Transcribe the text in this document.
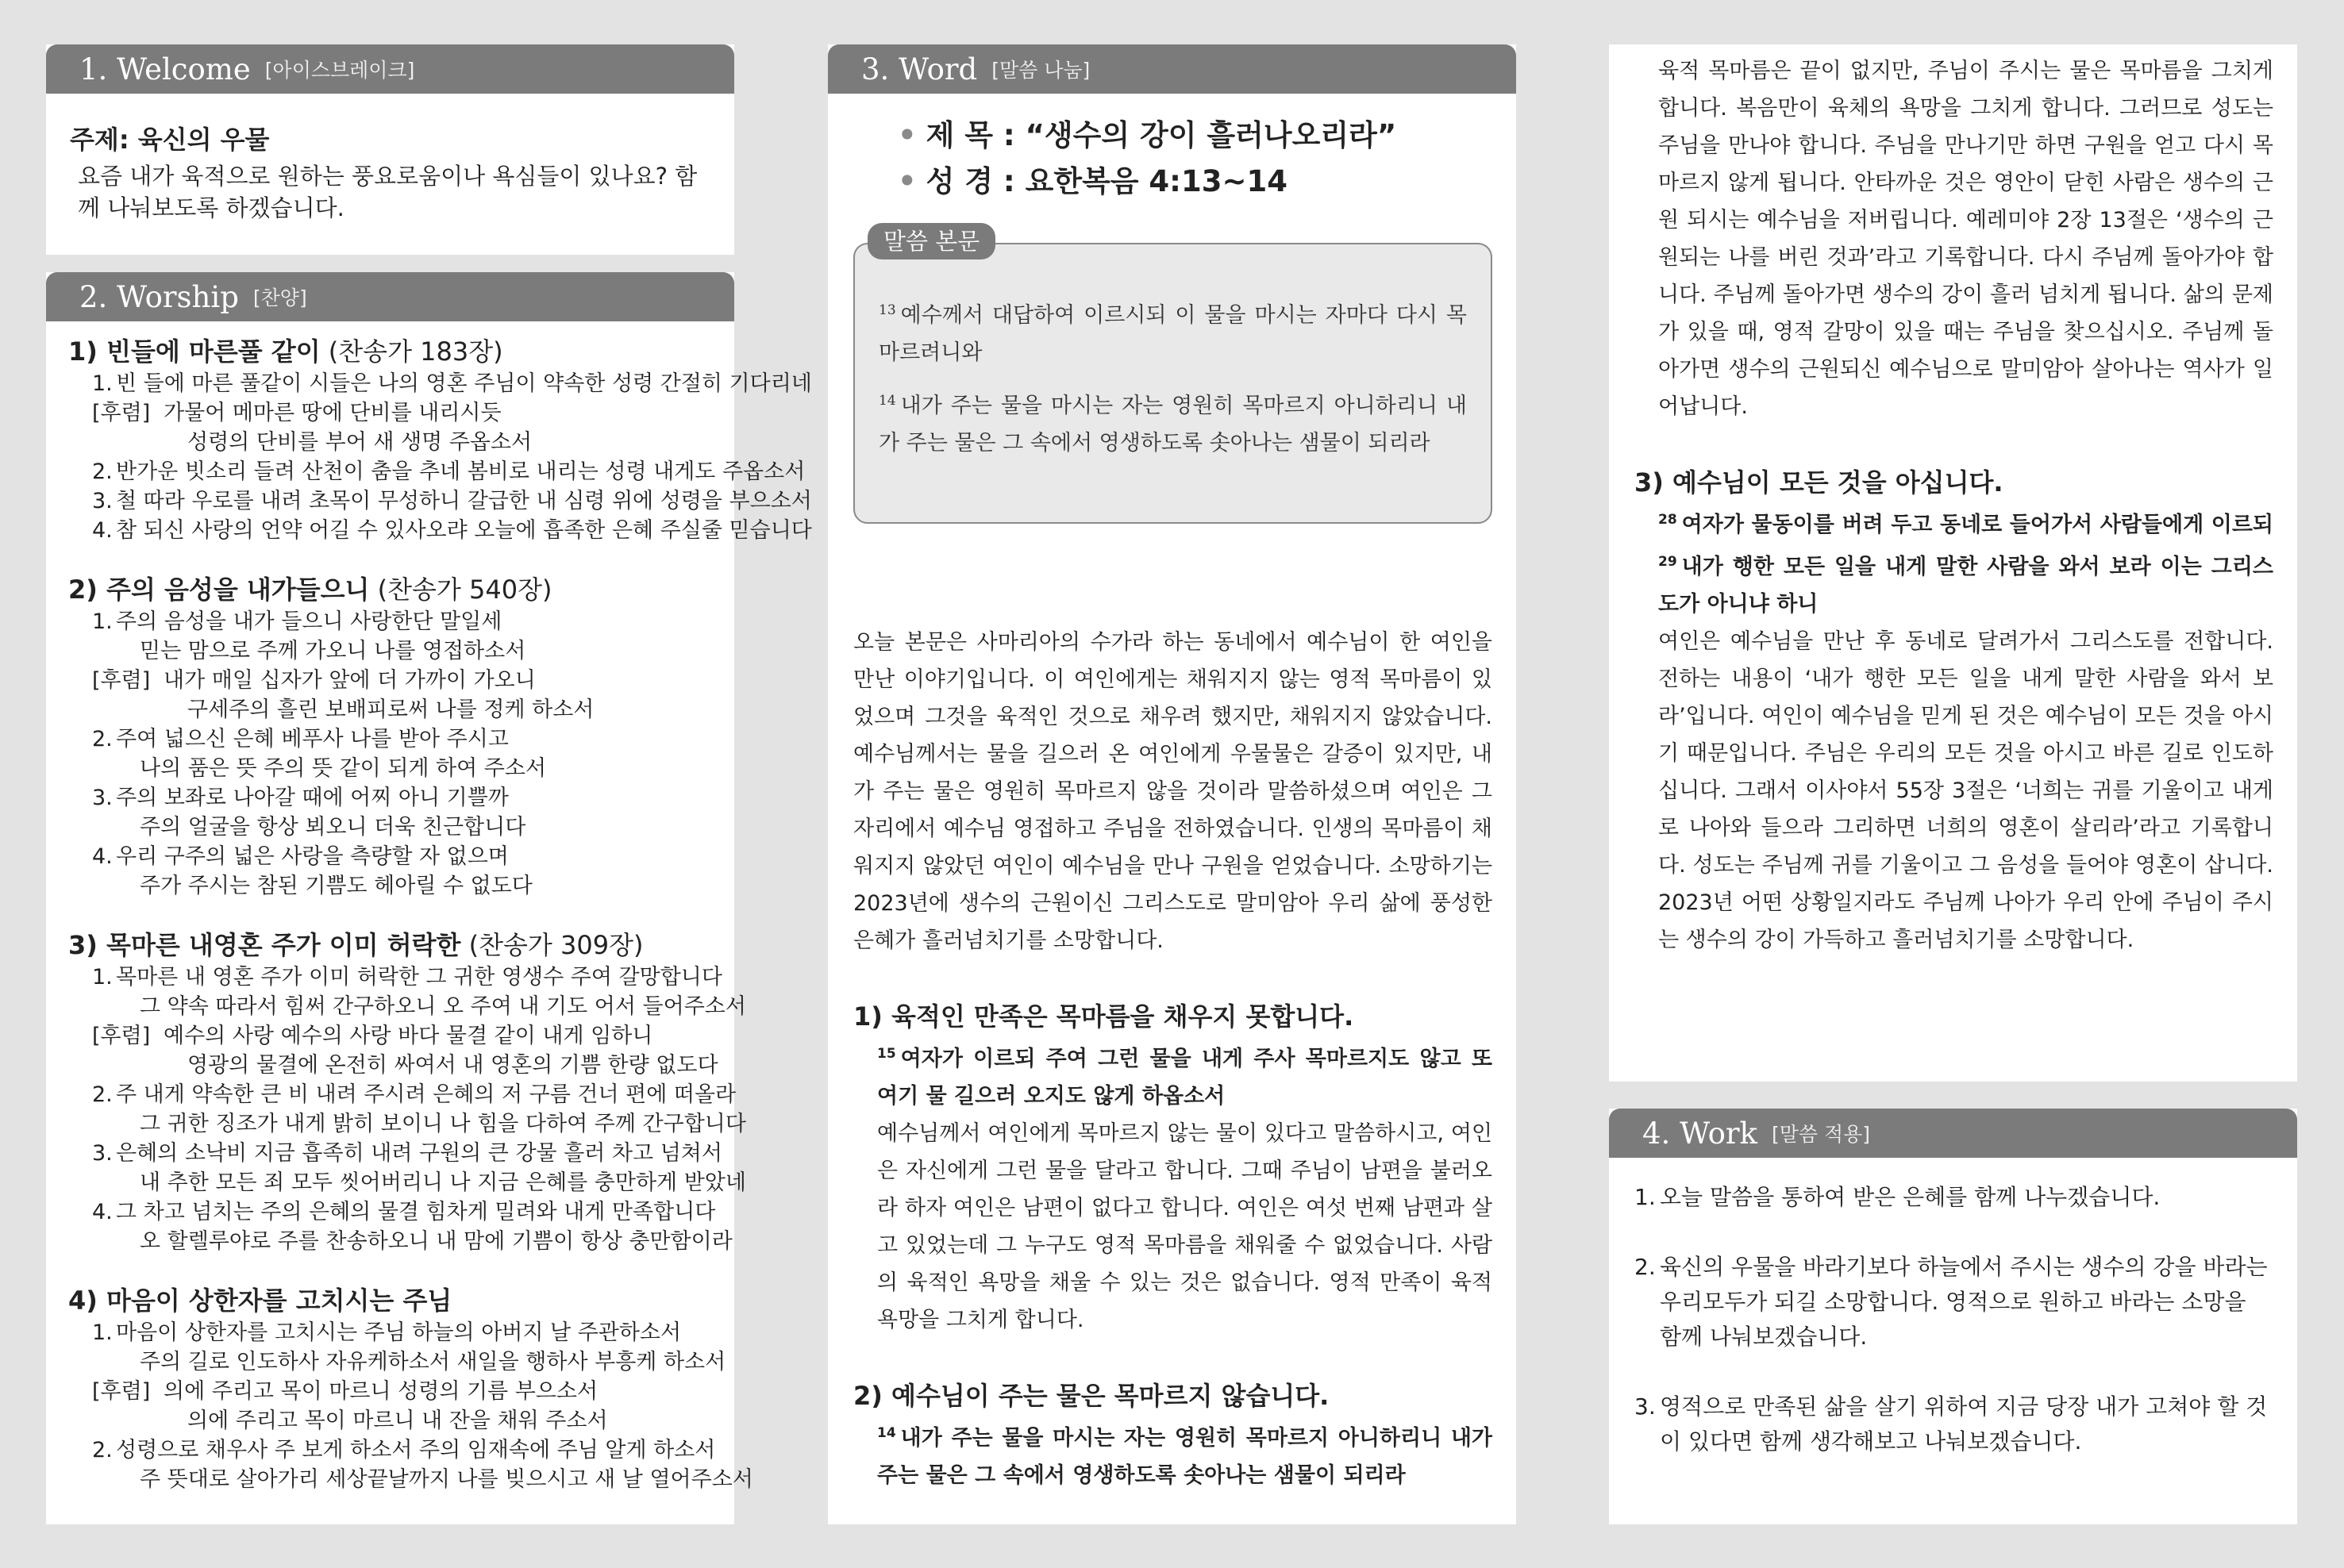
1. Welcome [아이스브레이크]
주제: 육신의 우물
요즘 내가 육적으로 원하는 풍요로움이나 욕심들이 있나요? 함께 나눠보도록 하겠습니다.
2. Worship [찬양]
1) 빈들에 마른풀 같이 (찬송가 183장)
1. 빈 들에 마른 풀같이 시들은 나의 영혼 주님이 약속한 성령 간절히 기다리네
[후렴] 가물어 메마른 땅에 단비를 내리시듯
성령의 단비를 부어 새 생명 주옵소서
2. 반가운 빗소리 들려 산천이 춤을 추네 봄비로 내리는 성령 내게도 주옵소서
3. 철 따라 우로를 내려 초목이 무성하니 갈급한 내 심령 위에 성령을 부으소서
4. 참 되신 사랑의 언약 어길 수 있사오랴 오늘에 흡족한 은혜 주실줄 믿습니다
2) 주의 음성을 내가들으니 (찬송가 540장)
1. 주의 음성을 내가 들으니 사랑한단 말일세
믿는 맘으로 주께 가오니 나를 영접하소서
[후렴] 내가 매일 십자가 앞에 더 가까이 가오니
구세주의 흘린 보배피로써 나를 정케 하소서
2. 주여 넓으신 은혜 베푸사 나를 받아 주시고
나의 품은 뜻 주의 뜻 같이 되게 하여 주소서
3. 주의 보좌로 나아갈 때에 어찌 아니 기쁠까
주의 얼굴을 항상 뵈오니 더욱 친근합니다
4. 우리 구주의 넓은 사랑을 측량할 자 없으며
주가 주시는 참된 기쁨도 헤아릴 수 없도다
3) 목마른 내영혼 주가 이미 허락한 (찬송가 309장)
1. 목마른 내 영혼 주가 이미 허락한 그 귀한 영생수 주여 갈망합니다
그 약속 따라서 힘써 간구하오니 오 주여 내 기도 어서 들어주소서
[후렴] 예수의 사랑 예수의 사랑 바다 물결 같이 내게 임하니
영광의 물결에 온전히 싸여서 내 영혼의 기쁨 한량 없도다
2. 주 내게 약속한 큰 비 내려 주시려 은혜의 저 구름 건너 편에 떠올라
그 귀한 징조가 내게 밝히 보이니 나 힘을 다하여 주께 간구합니다
3. 은혜의 소낙비 지금 흡족히 내려 구원의 큰 강물 흘러 차고 넘쳐서
내 추한 모든 죄 모두 씻어버리니 나 지금 은혜를 충만하게 받았네
4. 그 차고 넘치는 주의 은혜의 물결 힘차게 밀려와 내게 만족합니다
오 할렐루야로 주를 찬송하오니 내 맘에 기쁨이 항상 충만함이라
4) 마음이 상한자를 고치시는 주님
1. 마음이 상한자를 고치시는 주님 하늘의 아버지 날 주관하소서
주의 길로 인도하사 자유케하소서 새일을 행하사 부흥케 하소서
[후렴] 의에 주리고 목이 마르니 성령의 기름 부으소서
의에 주리고 목이 마르니 내 잔을 채워 주소서
2. 성령으로 채우사 주 보게 하소서 주의 임재속에 주님 알게 하소서
주 뜻대로 살아가리 세상끝날까지 나를 빚으시고 새 날 열어주소서
3. Word [말씀 나눔]
• 제 목 : “생수의 강이 흘러나오리라”
• 성 경 : 요한복음 4:13~14
$^{13}$ 예수께서 대답하여 이르시되 이 물을 마시는 자마다 다시 목마르려니와
$^{14}$ 내가 주는 물을 마시는 자는 영원히 목마르지 아니하리니 내가 주는 물은 그 속에서 영생하도록 솟아나는 샘물이 되리라
말씀 본문
오늘 본문은 사마리아의 수가라 하는 동네에서 예수님이 한 여인을 만난 이야기입니다. 이 여인에게는 채워지지 않는 영적 목마름이 있었으며 그것을 육적인 것으로 채우려 했지만, 채워지지 않았습니다. 예수님께서는 물을 길으러 온 여인에게 우물물은 갈증이 있지만, 내가 주는 물은 영원히 목마르지 않을 것이라 말씀하셨으며 여인은 그 자리에서 예수님 영접하고 주님을 전하였습니다. 인생의 목마름이 채워지지 않았던 여인이 예수님을 만나 구원을 얻었습니다. 소망하기는 2023년에 생수의 근원이신 그리스도로 말미암아 우리 삶에 풍성한 은혜가 흘러넘치기를 소망합니다.
1) 육적인 만족은 목마름을 채우지 못합니다.
$^{15}$ 여자가 이르되 주여 그런 물을 내게 주사 목마르지도 않고 또 여기 물 길으러 오지도 않게 하옵소서
예수님께서 여인에게 목마르지 않는 물이 있다고 말씀하시고, 여인은 자신에게 그런 물을 달라고 합니다. 그때 주님이 남편을 불러오라 하자 여인은 남편이 없다고 합니다. 여인은 여섯 번째 남편과 살고 있었는데 그 누구도 영적 목마름을 채워줄 수 없었습니다. 사람의 육적인 욕망을 채울 수 있는 것은 없습니다. 영적 만족이 육적 욕망을 그치게 합니다.
2) 예수님이 주는 물은 목마르지 않습니다.
$^{14}$ 내가 주는 물을 마시는 자는 영원히 목마르지 아니하리니 내가 주는 물은 그 속에서 영생하도록 솟아나는 샘물이 되리라
육적 목마름은 끝이 없지만, 주님이 주시는 물은 목마름을 그치게 합니다. 복음만이 육체의 욕망을 그치게 합니다. 그러므로 성도는 주님을 만나야 합니다. 주님을 만나기만 하면 구원을 얻고 다시 목마르지 않게 됩니다. 안타까운 것은 영안이 닫힌 사람은 생수의 근원 되시는 예수님을 저버립니다. 예레미야 2장 13절은 ‘생수의 근원되는 나를 버린 것과’라고 기록합니다. 다시 주님께 돌아가야 합니다. 주님께 돌아가면 생수의 강이 흘러 넘치게 됩니다. 삶의 문제가 있을 때, 영적 갈망이 있을 때는 주님을 찾으십시오. 주님께 돌아가면 생수의 근원되신 예수님으로 말미암아 살아나는 역사가 일어납니다.
3) 예수님이 모든 것을 아십니다.
$^{28}$ 여자가 물동이를 버려 두고 동네로 들어가서 사람들에게 이르되 $^{29}$ 내가 행한 모든 일을 내게 말한 사람을 와서 보라 이는 그리스도가 아니냐 하니
여인은 예수님을 만난 후 동네로 달려가서 그리스도를 전합니다. 전하는 내용이 ‘내가 행한 모든 일을 내게 말한 사람을 와서 보라’입니다. 여인이 예수님을 믿게 된 것은 예수님이 모든 것을 아시기 때문입니다. 주님은 우리의 모든 것을 아시고 바른 길로 인도하십니다. 그래서 이사야서 55장 3절은 ‘너희는 귀를 기울이고 내게로 나아와 들으라 그리하면 너희의 영혼이 살리라’라고 기록합니다. 성도는 주님께 귀를 기울이고 그 음성을 들어야 영혼이 삽니다. 2023년 어떤 상황일지라도 주님께 나아가 우리 안에 주님이 주시는 생수의 강이 가득하고 흘러넘치기를 소망합니다.
4. Work [말씀 적용]
1. 오늘 말씀을 통하여 받은 은혜를 함께 나누겠습니다.
2. 육신의 우물을 바라기보다 하늘에서 주시는 생수의 강을 바라는 우리모두가 되길 소망합니다. 영적으로 원하고 바라는 소망을 함께 나눠보겠습니다.
3. 영적으로 만족된 삶을 살기 위하여 지금 당장 내가 고쳐야 할 것이 있다면 함께 생각해보고 나눠보겠습니다.
